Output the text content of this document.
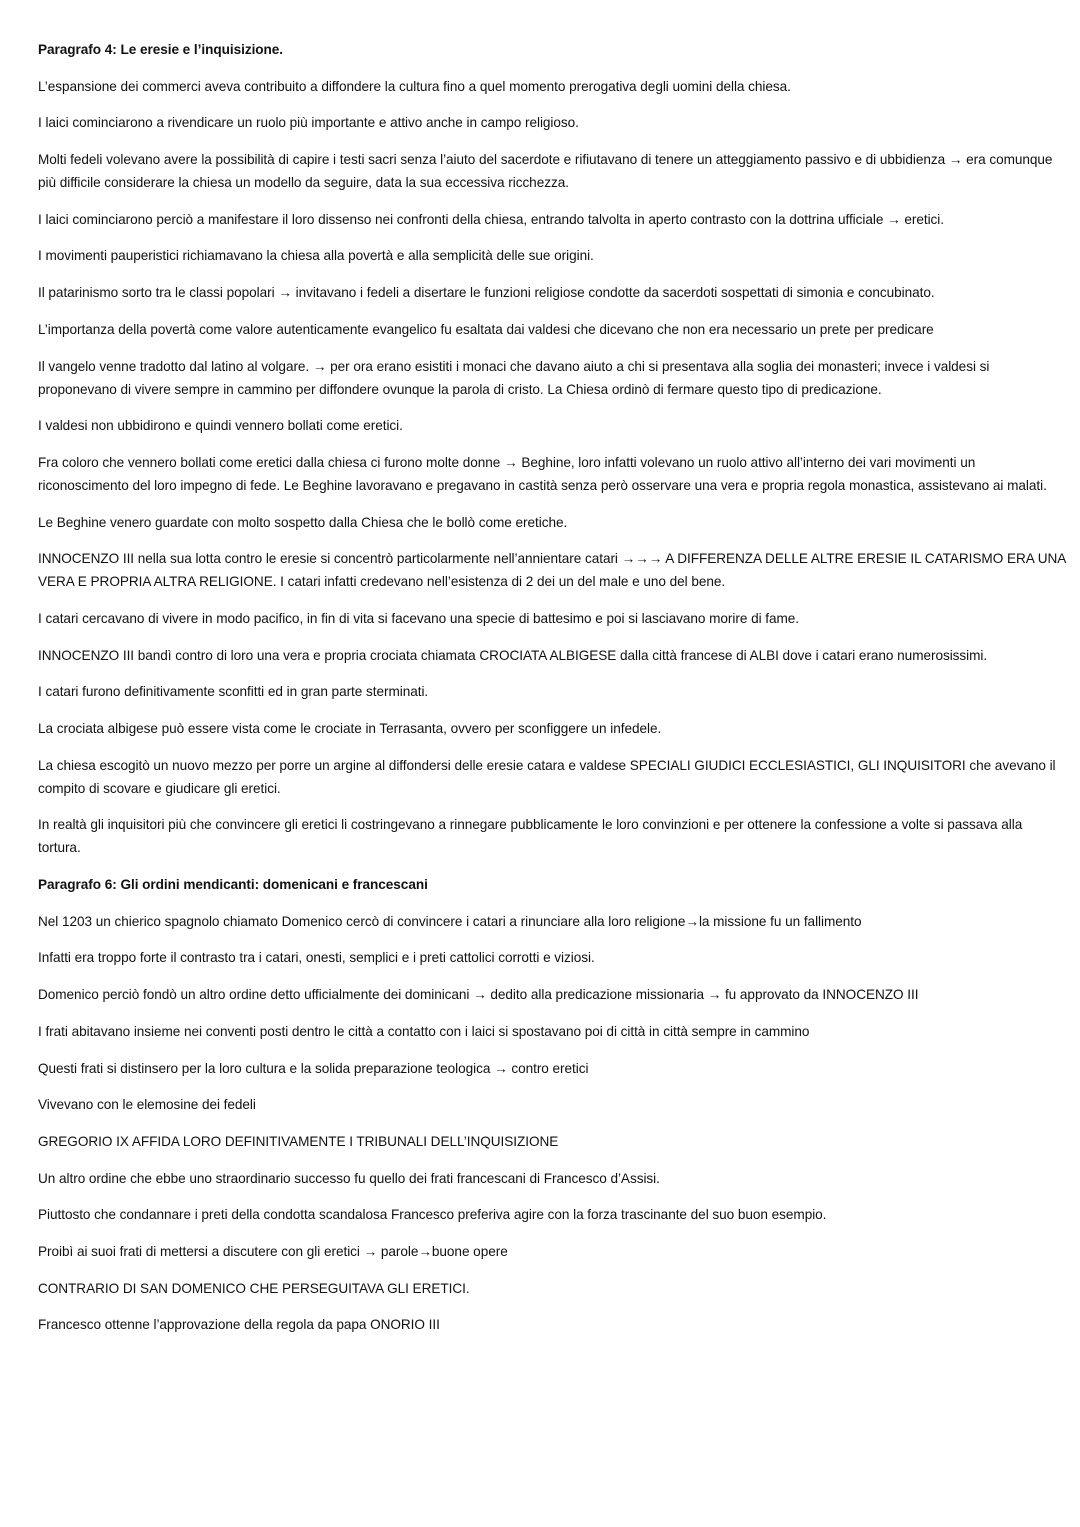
Paragrafo 4: Le eresie e l’inquisizione.

L’espansione dei commerci aveva contribuito a diffondere la cultura fino a quel momento prerogativa degli uomini della chiesa.

I laici cominciarono a rivendicare un ruolo più importante e attivo anche in campo religioso.

Molti fedeli volevano avere la possibilità di capire i testi sacri senza l’aiuto del sacerdote e rifiutavano di tenere un atteggiamento passivo e di ubbidienza → era comunque più difficile considerare la chiesa un modello da seguire, data la sua eccessiva ricchezza.

I laici cominciarono perciò a manifestare il loro dissenso nei confronti della chiesa, entrando talvolta in aperto contrasto con la dottrina ufficiale → eretici.

I movimenti pauperistici richiamavano la chiesa alla povertà e alla semplicità delle sue origini.

Il patarinismo sorto tra le classi popolari → invitavano i fedeli a disertare le funzioni religiose condotte da sacerdoti sospettati di simonia e concubinato.

L’importanza della povertà come valore autenticamente evangelico fu esaltata dai valdesi che dicevano che non era necessario un prete per predicare

Il vangelo venne tradotto dal latino al volgare. → per ora erano esistiti i monaci che davano aiuto a chi si presentava alla soglia dei monasteri; invece i valdesi si proponevano di vivere sempre in cammino per diffondere ovunque la parola di cristo. La Chiesa ordinò di fermare questo tipo di predicazione.

I valdesi non ubbidirono e quindi vennero bollati come eretici.

Fra coloro che vennero bollati come eretici dalla chiesa ci furono molte donne → Beghine, loro infatti volevano un ruolo attivo all’interno dei vari movimenti un riconoscimento del loro impegno di fede. Le Beghine lavoravano e pregavano in castità senza però osservare una vera e propria regola monastica, assistevano ai malati.

Le Beghine venero guardate con molto sospetto dalla Chiesa che le bollò come eretiche.

INNOCENZO III nella sua lotta contro le eresie si concentrò particolarmente nell’annientare catari →→→ A DIFFERENZA DELLE ALTRE ERESIE IL CATARISMO ERA UNA VERA E PROPRIA ALTRA RELIGIONE. I catari infatti credevano nell’esistenza di 2 dei un del male e uno del bene.

I catari cercavano di vivere in modo pacifico, in fin di vita si facevano una specie di battesimo e poi si lasciavano morire di fame.

INNOCENZO III bandì contro di loro una vera e propria crociata chiamata CROCIATA ALBIGESE dalla città francese di ALBI dove i catari erano numerosissimi.

I catari furono definitivamente sconfitti ed in gran parte sterminati.

La crociata albigese può essere vista come le crociate in Terrasanta, ovvero per sconfiggere un infedele.

La chiesa escogitò un nuovo mezzo per porre un argine al diffondersi delle eresie catara e valdese SPECIALI GIUDICI ECCLESIASTICI, GLI INQUISITORI che avevano il compito di scovare e giudicare gli eretici.

In realtà gli inquisitori più che convincere gli eretici li costringevano a rinnegare pubblicamente le loro convinzioni e per ottenere la confessione a volte si passava alla tortura.

Paragrafo 6: Gli ordini mendicanti: domenicani e francescani

Nel 1203 un chierico spagnolo chiamato Domenico cercò di convincere i catari a rinunciare alla loro religione→la missione fu un fallimento

Infatti era troppo forte il contrasto tra i catari, onesti, semplici e i preti cattolici corrotti e viziosi.

Domenico perciò fondò un altro ordine detto ufficialmente dei dominicani → dedito alla predicazione missionaria → fu approvato da INNOCENZO III

I frati abitavano insieme nei conventi posti dentro le città a contatto con i laici si spostavano poi di città in città sempre in cammino

Questi frati si distinsero per la loro cultura e la solida preparazione teologica → contro eretici

Vivevano con le elemosine dei fedeli

GREGORIO IX AFFIDA LORO DEFINITIVAMENTE I TRIBUNALI DELL’INQUISIZIONE

Un altro ordine che ebbe uno straordinario successo fu quello dei frati francescani di Francesco d’Assisi.

Piuttosto che condannare i preti della condotta scandalosa Francesco preferiva agire con la forza trascinante del suo buon esempio.

Proibì ai suoi frati di mettersi a discutere con gli eretici → parole→buone opere

CONTRARIO DI SAN DOMENICO CHE PERSEGUITAVA GLI ERETICI.

Francesco ottenne l’approvazione della regola da papa ONORIO III
